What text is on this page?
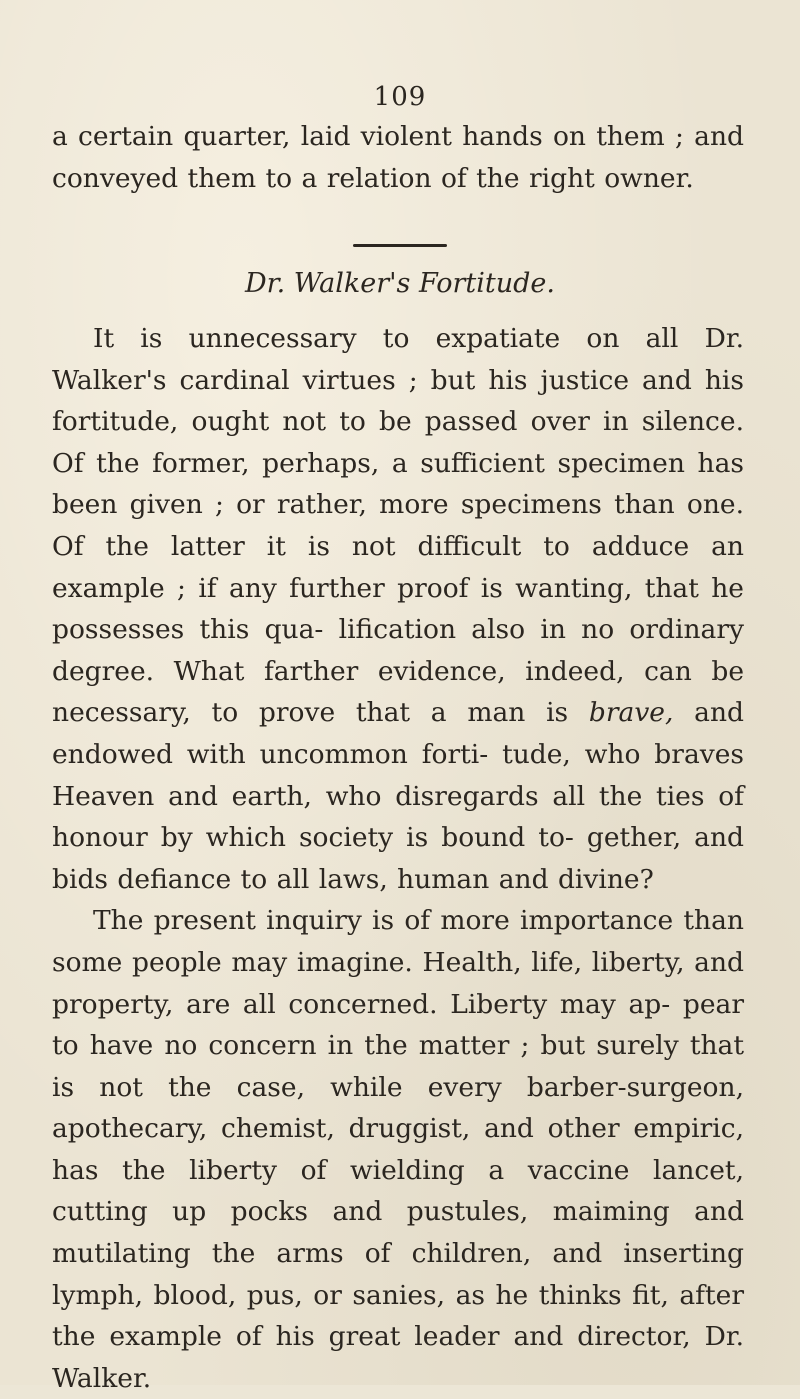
109
a certain quarter, laid violent hands on them ; and conveyed them to a relation of the right owner.
Dr. Walker's Fortitude.

It is unnecessary to expatiate on all Dr. Walker's cardinal virtues ; but his justice and his fortitude, ought not to be passed over in silence. Of the former, perhaps, a sufficient specimen has been given ; or rather, more specimens than one. Of the latter it is not difficult to adduce an example ; if any further proof is wanting, that he possesses this qua- lification also in no ordinary degree. What farther evidence, indeed, can be necessary, to prove that a man is brave, and endowed with uncommon forti- tude, who braves Heaven and earth, who disregards all the ties of honour by which society is bound to- gether, and bids defiance to all laws, human and divine?

The present inquiry is of more importance than some people may imagine. Health, life, liberty, and property, are all concerned. Liberty may ap- pear to have no concern in the matter ; but surely that is not the case, while every barber-surgeon, apothecary, chemist, druggist, and other empiric, has the liberty of wielding a vaccine lancet, cutting up pocks and pustules, maiming and mutilating the arms of children, and inserting lymph, blood, pus, or sanies, as he thinks fit, after the example of his great leader and director, Dr. Walker.
